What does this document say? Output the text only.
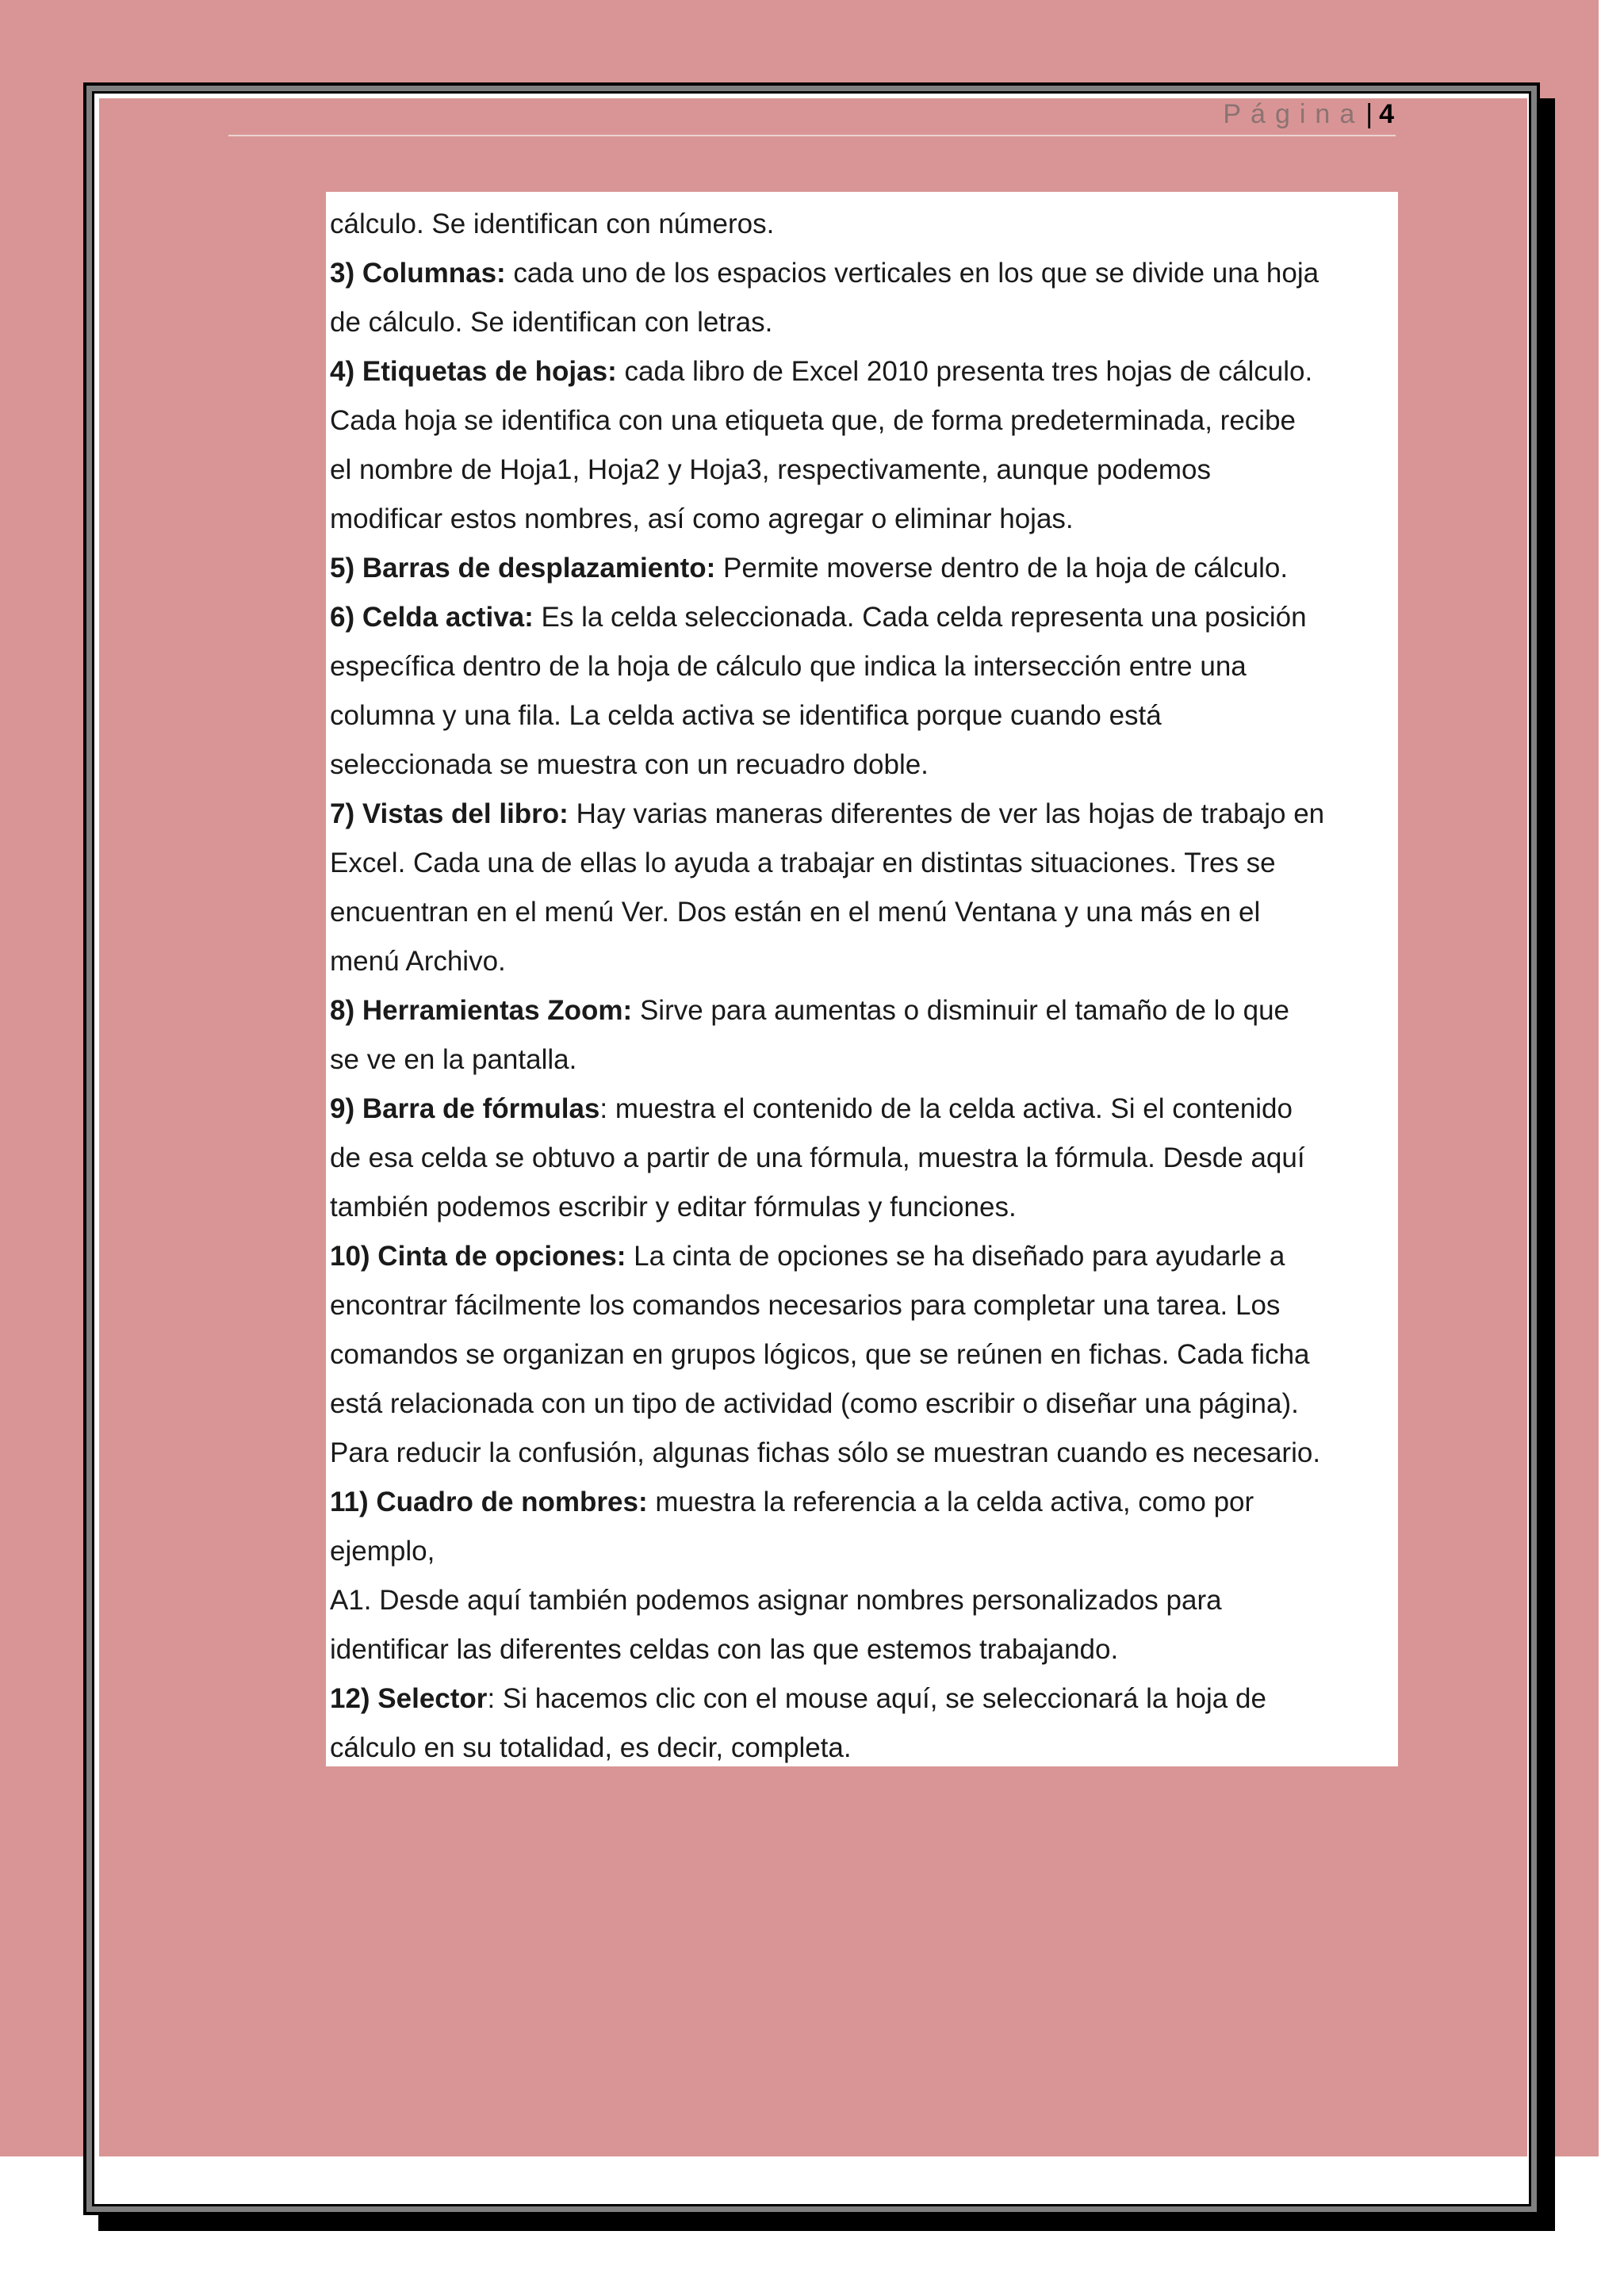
Página| 4
cálculo. Se identifican con números.
3) Columnas: cada uno de los espacios verticales en los que se divide una hoja
de cálculo. Se identifican con letras.
4) Etiquetas de hojas: cada libro de Excel 2010 presenta tres hojas de cálculo.
Cada hoja se identifica con una etiqueta que, de forma predeterminada, recibe
el nombre de Hoja1, Hoja2 y Hoja3, respectivamente, aunque podemos
modificar estos nombres, así como agregar o eliminar hojas.
5) Barras de desplazamiento: Permite moverse dentro de la hoja de cálculo.
6) Celda activa: Es la celda seleccionada. Cada celda representa una posición
específica dentro de la hoja de cálculo que indica la intersección entre una
columna y una fila. La celda activa se identifica porque cuando está
seleccionada se muestra con un recuadro doble.
7) Vistas del libro: Hay varias maneras diferentes de ver las hojas de trabajo en
Excel. Cada una de ellas lo ayuda a trabajar en distintas situaciones. Tres se
encuentran en el menú Ver. Dos están en el menú Ventana y una más en el
menú Archivo.
8) Herramientas Zoom: Sirve para aumentas o disminuir el tamaño de lo que
se ve en la pantalla.
9) Barra de fórmulas: muestra el contenido de la celda activa. Si el contenido
de esa celda se obtuvo a partir de una fórmula, muestra la fórmula. Desde aquí
también podemos escribir y editar fórmulas y funciones.
10) Cinta de opciones: La cinta de opciones se ha diseñado para ayudarle a
encontrar fácilmente los comandos necesarios para completar una tarea. Los
comandos se organizan en grupos lógicos, que se reúnen en fichas. Cada ficha
está relacionada con un tipo de actividad (como escribir o diseñar una página).
Para reducir la confusión, algunas fichas sólo se muestran cuando es necesario.
11) Cuadro de nombres: muestra la referencia a la celda activa, como por
ejemplo,
A1. Desde aquí también podemos asignar nombres personalizados para
identificar las diferentes celdas con las que estemos trabajando.
12) Selector: Si hacemos clic con el mouse aquí, se seleccionará la hoja de
cálculo en su totalidad, es decir, completa.
